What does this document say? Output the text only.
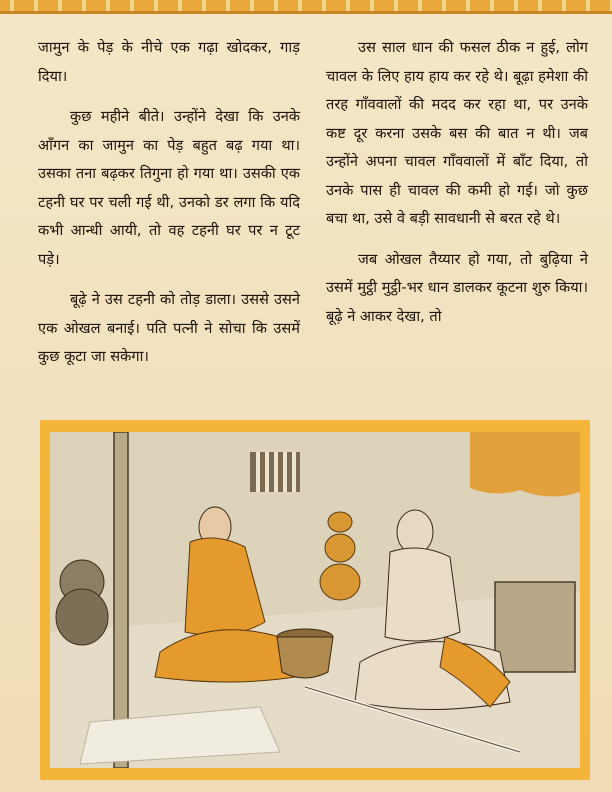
जामुन के पेड़ के नीचे एक गढ़ा खोदकर, गाड़ दिया।

कुछ महीने बीते। उन्होंने देखा कि उनके आँगन का जामुन का पेड़ बहुत बढ़ गया था। उसका तना बढ़कर तिगुना हो गया था। उसकी एक टहनी घर पर चली गई थी, उनको डर लगा कि यदि कभी आन्धी आयी, तो वह टहनी घर पर न टूट पड़े।

बूढ़े ने उस टहनी को तोड़ डाला। उससे उसने एक ओखल बनाई। पति पत्नी ने सोचा कि उसमें कुछ कूटा जा सकेगा।

उस साल धान की फसल ठीक न हुई, लोग चावल के लिए हाय हाय कर रहे थे। बूढ़ा हमेशा की तरह गाँववालों की मदद कर रहा था, पर उनके कष्ट दूर करना उसके बस की बात न थी। जब उन्होंने अपना चावल गाँववालों में बाँट दिया, तो उनके पास ही चावल की कमी हो गई। जो कुछ बचा था, उसे वे बड़ी सावधानी से बरत रहे थे।

जब ओखल तैय्यार हो गया, तो बुढ़िया ने उसमें मुट्ठी मुट्ठी-भर धान डालकर कूटना शुरु किया। बूढ़े ने आकर देखा, तो
